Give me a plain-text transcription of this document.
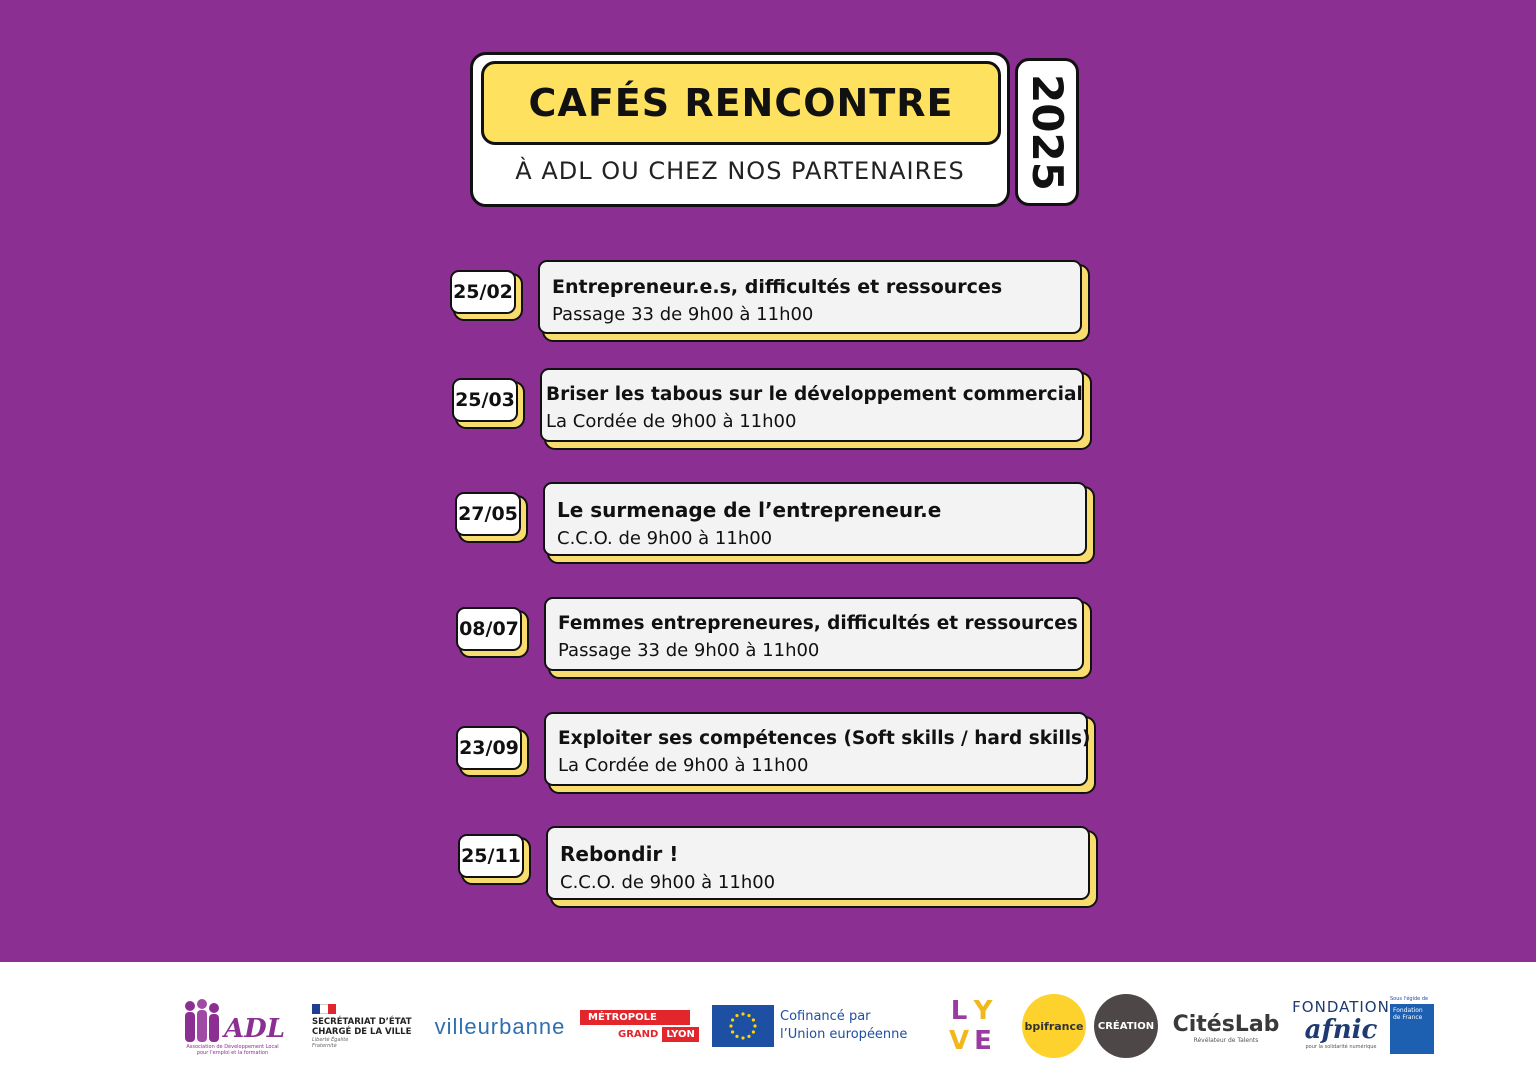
CAFÉS RENCONTRE
À ADL OU CHEZ NOS PARTENAIRES	2025
25/02 Entrepreneur.e.s, difficultés et ressources
Passage 33 de 9h00 à 11h00
25/03 Briser les tabous sur le développement commercial
La Cordée de 9h00 à 11h00
27/05 Le surmenage de l’entrepreneur.e
C.C.O. de 9h00 à 11h00
08/07 Femmes entrepreneures, difficultés et ressources
Passage 33 de 9h00 à 11h00
23/09 Exploiter ses compétences (Soft skills / hard skills)
La Cordée de 9h00 à 11h00
25/11 Rebondir !
C.C.O. de 9h00 à 11h00
ADL
Association de Développement Local pour l'emploi et la formation
SECRÉTARIAT D’ÉTAT CHARGÉ DE LA VILLE
Liberté Égalité Fraternité
villeurbanne	MÉTROPOLE
GRAND LYON
Cofinancé par l’Union européenne
L Y
V E	bpifrance CRÉATION CitésLab
Révélateur de Talents
FONDATION
afnic
pour la solidarité numérique
Sous l'égide de
Fondation de France
